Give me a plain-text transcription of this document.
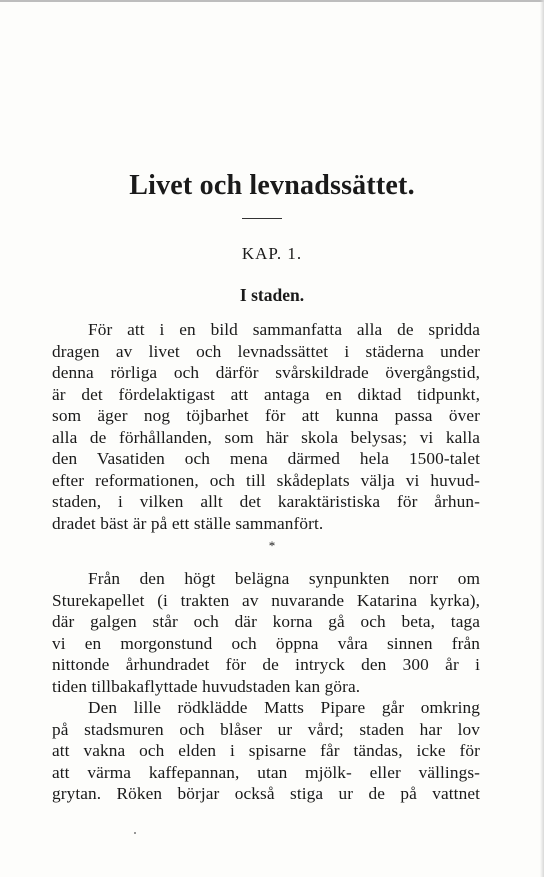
Livet och levnadssättet.
KAP. 1.
I staden.
För att i en bild sammanfatta alla de spridda
dragen av livet och levnadssättet i städerna under
denna rörliga och därför svårskildrade övergångstid,
är det fördelaktigast att antaga en diktad tidpunkt,
som äger nog töjbarhet för att kunna passa över
alla de förhållanden, som här skola belysas; vi kalla
den Vasatiden och mena därmed hela 1500-talet
efter reformationen, och till skådeplats välja vi huvud-
staden, i vilken allt det karaktäristiska för århun-
dradet bäst är på ett ställe sammanfört.
*
Från den högt belägna synpunkten norr om
Sturekapellet (i trakten av nuvarande Katarina kyrka),
där galgen står och där korna gå och beta, taga
vi en morgonstund och öppna våra sinnen från
nittonde århundradet för de intryck den 300 år i
tiden tillbakaflyttade huvudstaden kan göra.
Den lille rödklädde Matts Pipare går omkring
på stadsmuren och blåser ur vård; staden har lov
att vakna och elden i spisarne får tändas, icke för
att värma kaffepannan, utan mjölk- eller vällings-
grytan. Röken börjar också stiga ur de på vattnet
